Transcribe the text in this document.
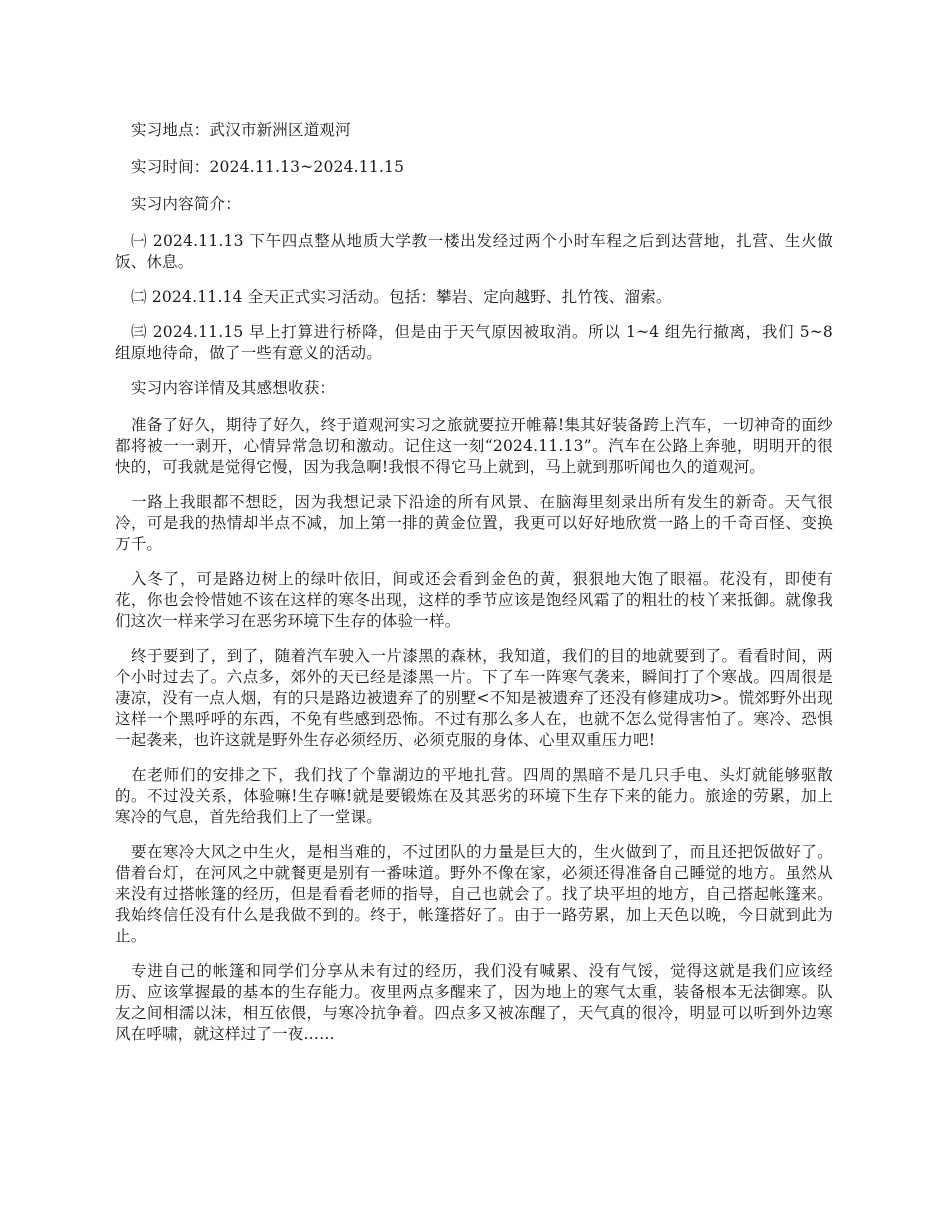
实习地点：武汉市新洲区道观河

实习时间：2024.11.13~2024.11.15

实习内容简介：

㈠ 2024.11.13 下午四点整从地质大学教一楼出发经过两个小时车程之后到达营地，扎营、生火做饭、休息。

㈡ 2024.11.14 全天正式实习活动。包括：攀岩、定向越野、扎竹筏、溜索。

㈢ 2024.11.15 早上打算进行桥降，但是由于天气原因被取消。所以 1~4 组先行撤离，我们 5~8 组原地待命，做了一些有意义的活动。

实习内容详情及其感想收获：

准备了好久，期待了好久，终于道观河实习之旅就要拉开帷幕!集其好装备跨上汽车，一切神奇的面纱都将被一一剥开，心情异常急切和激动。记住这一刻“2024.11.13”。汽车在公路上奔驰，明明开的很快的，可我就是觉得它慢，因为我急啊!我恨不得它马上就到，马上就到那听闻也久的道观河。

一路上我眼都不想眨，因为我想记录下沿途的所有风景、在脑海里刻录出所有发生的新奇。天气很冷，可是我的热情却半点不减，加上第一排的黄金位置，我更可以好好地欣赏一路上的千奇百怪、变换万千。

入冬了，可是路边树上的绿叶依旧，间或还会看到金色的黄，狠狠地大饱了眼福。花没有，即使有花，你也会怜惜她不该在这样的寒冬出现，这样的季节应该是饱经风霜了的粗壮的枝丫来抵御。就像我们这次一样来学习在恶劣环境下生存的体验一样。

终于要到了，到了，随着汽车驶入一片漆黑的森林，我知道，我们的目的地就要到了。看看时间，两个小时过去了。六点多，郊外的天已经是漆黑一片。下了车一阵寒气袭来，瞬间打了个寒战。四周很是凄凉，没有一点人烟，有的只是路边被遗弃了的别墅<不知是被遗弃了还没有修建成功>。慌郊野外出现这样一个黑呼呼的东西，不免有些感到恐怖。不过有那么多人在，也就不怎么觉得害怕了。寒冷、恐惧一起袭来，也许这就是野外生存必须经历、必须克服的身体、心里双重压力吧!

在老师们的安排之下，我们找了个靠湖边的平地扎营。四周的黑暗不是几只手电、头灯就能够驱散的。不过没关系，体验嘛!生存嘛!就是要锻炼在及其恶劣的环境下生存下来的能力。旅途的劳累，加上寒冷的气息，首先给我们上了一堂课。

要在寒冷大风之中生火，是相当难的，不过团队的力量是巨大的，生火做到了，而且还把饭做好了。借着台灯，在河风之中就餐更是别有一番味道。野外不像在家，必须还得准备自己睡觉的地方。虽然从来没有过搭帐篷的经历，但是看看老师的指导，自己也就会了。找了块平坦的地方，自己搭起帐篷来。我始终信任没有什么是我做不到的。终于，帐篷搭好了。由于一路劳累，加上天色以晚，今日就到此为止。

专进自己的帐篷和同学们分享从未有过的经历，我们没有喊累、没有气馁，觉得这就是我们应该经历、应该掌握最的基本的生存能力。夜里两点多醒来了，因为地上的寒气太重，装备根本无法御寒。队友之间相濡以沫，相互依偎，与寒冷抗争着。四点多又被冻醒了，天气真的很冷，明显可以听到外边寒风在呼啸，就这样过了一夜……
